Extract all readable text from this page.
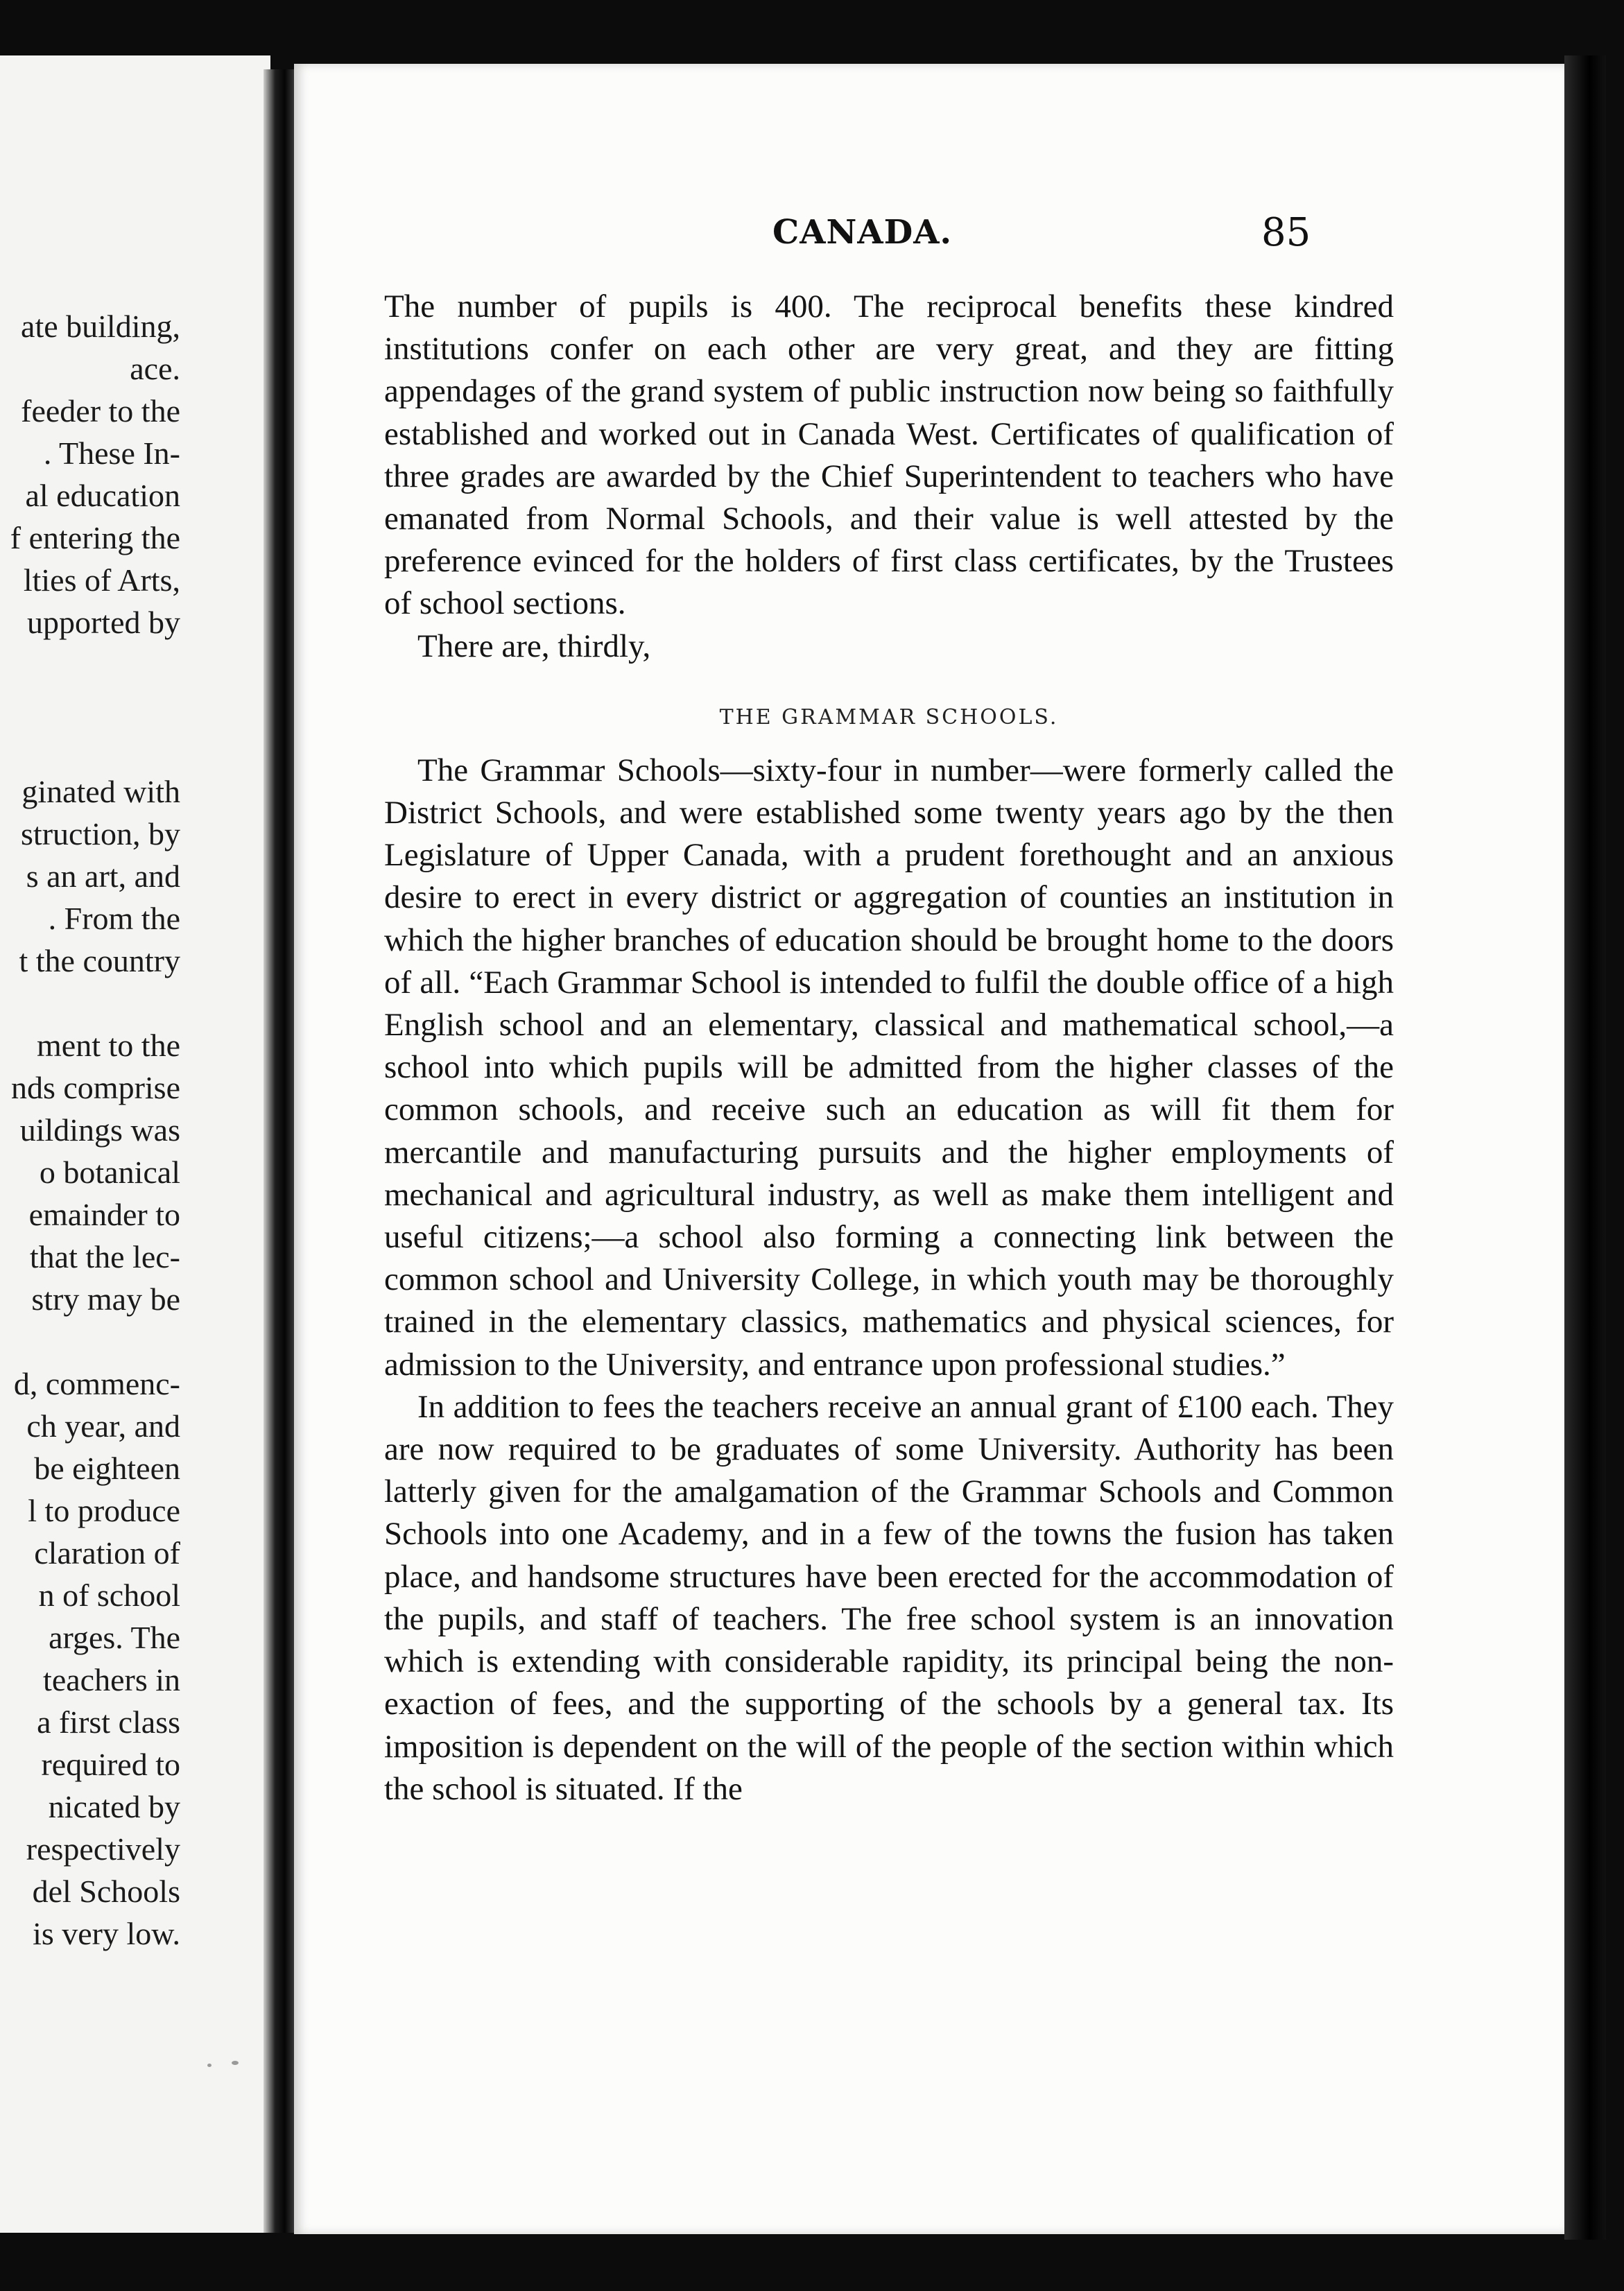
ate building,
ace.
feeder to the
. These In-
al education
f entering the
lties of Arts,
upported by
ginated with
struction, by
s an art, and
. From the
t the country
ment to the
nds comprise
uildings was
o botanical
emainder to
that the lec-
stry may be
d, commenc-
ch year, and
be eighteen
l to produce
claration of
n of school
arges. The
teachers in
a first class
required to
nicated by
respectively
del Schools
is very low.
CANADA.	85

The number of pupils is 400. The reciprocal benefits these kindred institutions confer on each other are very great, and they are fitting appendages of the grand system of public instruction now being so faithfully established and worked out in Canada West. Certificates of qualification of three grades are awarded by the Chief Superintendent to teachers who have emanated from Normal Schools, and their value is well attested by the preference evinced for the holders of first class certificates, by the Trustees of school sections.

There are, thirdly,

THE GRAMMAR SCHOOLS.

The Grammar Schools—sixty-four in number—were formerly called the District Schools, and were established some twenty years ago by the then Legislature of Upper Canada, with a prudent forethought and an anxious desire to erect in every district or aggregation of counties an institution in which the higher branches of education should be brought home to the doors of all. “Each Grammar School is intended to fulfil the double office of a high English school and an elementary, classical and mathematical school,—a school into which pupils will be admitted from the higher classes of the common schools, and receive such an education as will fit them for mercantile and manufacturing pursuits and the higher employments of mechanical and agricultural industry, as well as make them intelligent and useful citizens;—a school also forming a connecting link between the common school and University College, in which youth may be thoroughly trained in the elementary classics, mathematics and physical sciences, for admission to the University, and entrance upon professional studies.”

In addition to fees the teachers receive an annual grant of £100 each. They are now required to be graduates of some University. Authority has been latterly given for the amalgamation of the Grammar Schools and Common Schools into one Academy, and in a few of the towns the fusion has taken place, and handsome structures have been erected for the accommodation of the pupils, and staff of teachers. The free school system is an innovation which is extending with considerable rapidity, its principal being the non-exaction of fees, and the supporting of the schools by a general tax. Its imposition is dependent on the will of the people of the section within which the school is situated. If the
